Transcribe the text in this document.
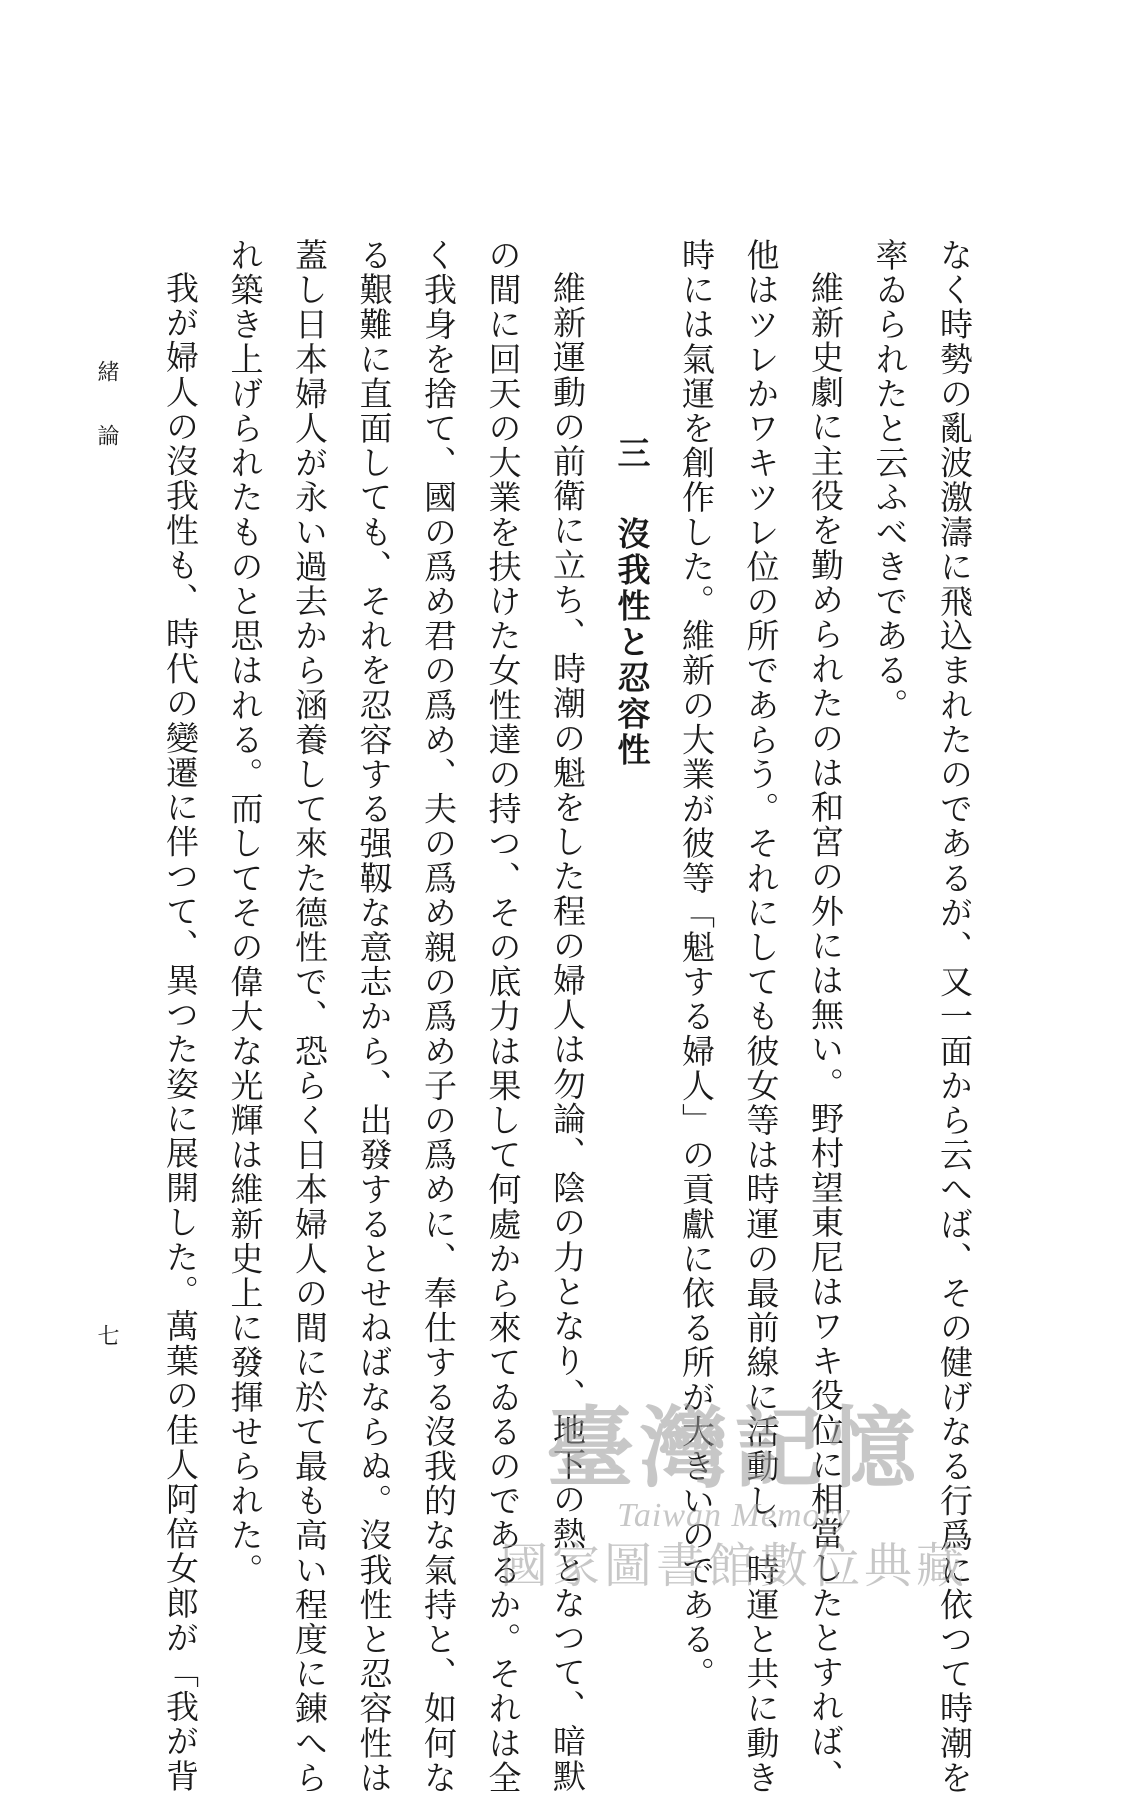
緒論
七	なく時勢の亂波激濤に飛込まれたのであるが、又一面から云へば、その健げなる行爲に依つて時潮を
率ゐられたと云ふべきである。
維新史劇に主役を勤められたのは和宮の外には無い。野村望東尼はワキ役位に相當したとすれば、
他はツレかワキツレ位の所であらう。それにしても彼女等は時運の最前線に活動し、時運と共に動き
時には氣運を創作した。維新の大業が彼等「魁する婦人」の貢獻に依る所が大きいのである。
三 沒我性と忍容性
維新運動の前衛に立ち、時潮の魁をした程の婦人は勿論、陰の力となり、地下の熱となつて、暗默
の間に回天の大業を扶けた女性達の持つ、その底力は果して何處から來てゐるのであるか。それは全
く我身を捨て、國の爲め君の爲め、夫の爲め親の爲め子の爲めに、奉仕する沒我的な氣持と、如何な
る艱難に直面しても、それを忍容する强靱な意志から、出發するとせねばならぬ。沒我性と忍容性は
蓋し日本婦人が永い過去から涵養して來た德性で、恐らく日本婦人の間に於て最も高い程度に錬へら
れ築き上げられたものと思はれる。而してその偉大な光輝は維新史上に發揮せられた。
我が婦人の沒我性も、時代の變遷に伴つて、異つた姿に展開した。萬葉の佳人阿倍女郎が「我が背	臺灣記憶
Taiwan Memory
國家圖書館數位典藏
